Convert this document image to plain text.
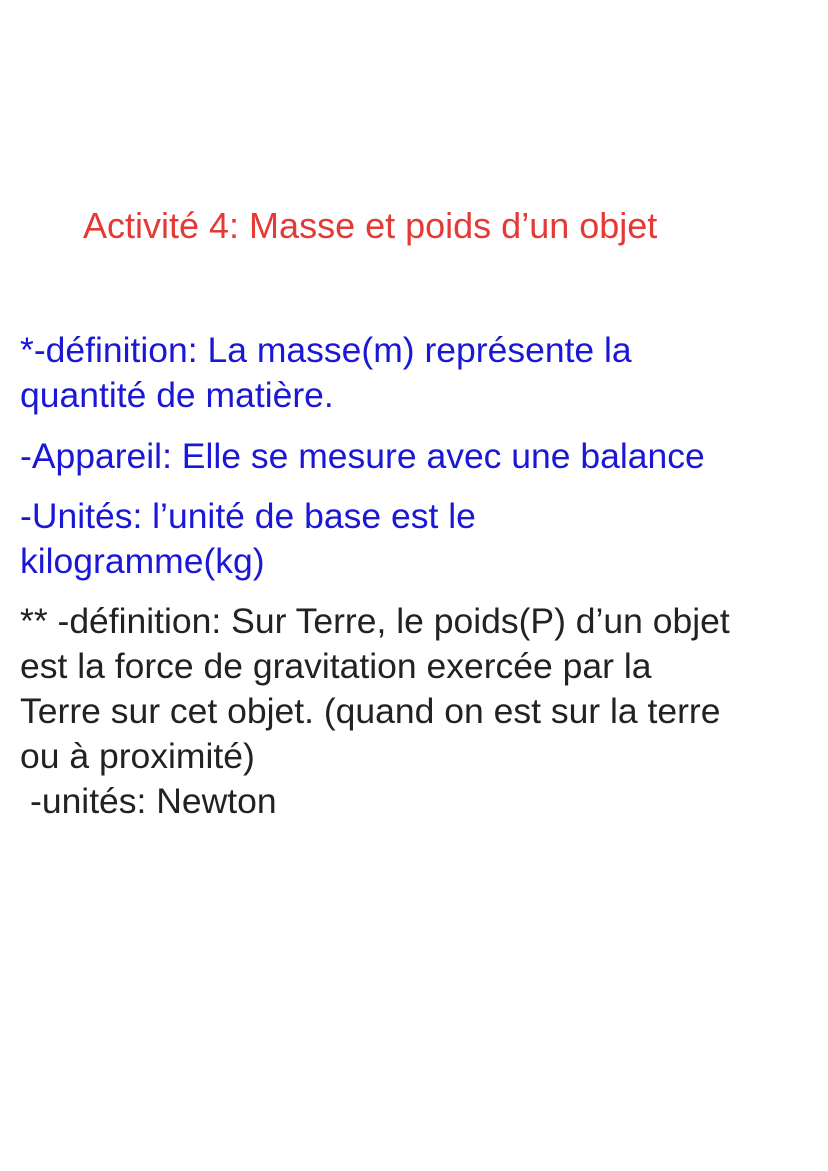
Activité 4: Masse et poids d’un objet
*-définition: La masse(m) représente la
quantité de matière.
-Appareil: Elle se mesure avec une balance
-Unités: l’unité de base est le
kilogramme(kg)
** -définition: Sur Terre, le poids(P) d’un objet
est la force de gravitation exercée par la
Terre sur cet objet. (quand on est sur la terre
ou à proximité)
-unités: Newton
